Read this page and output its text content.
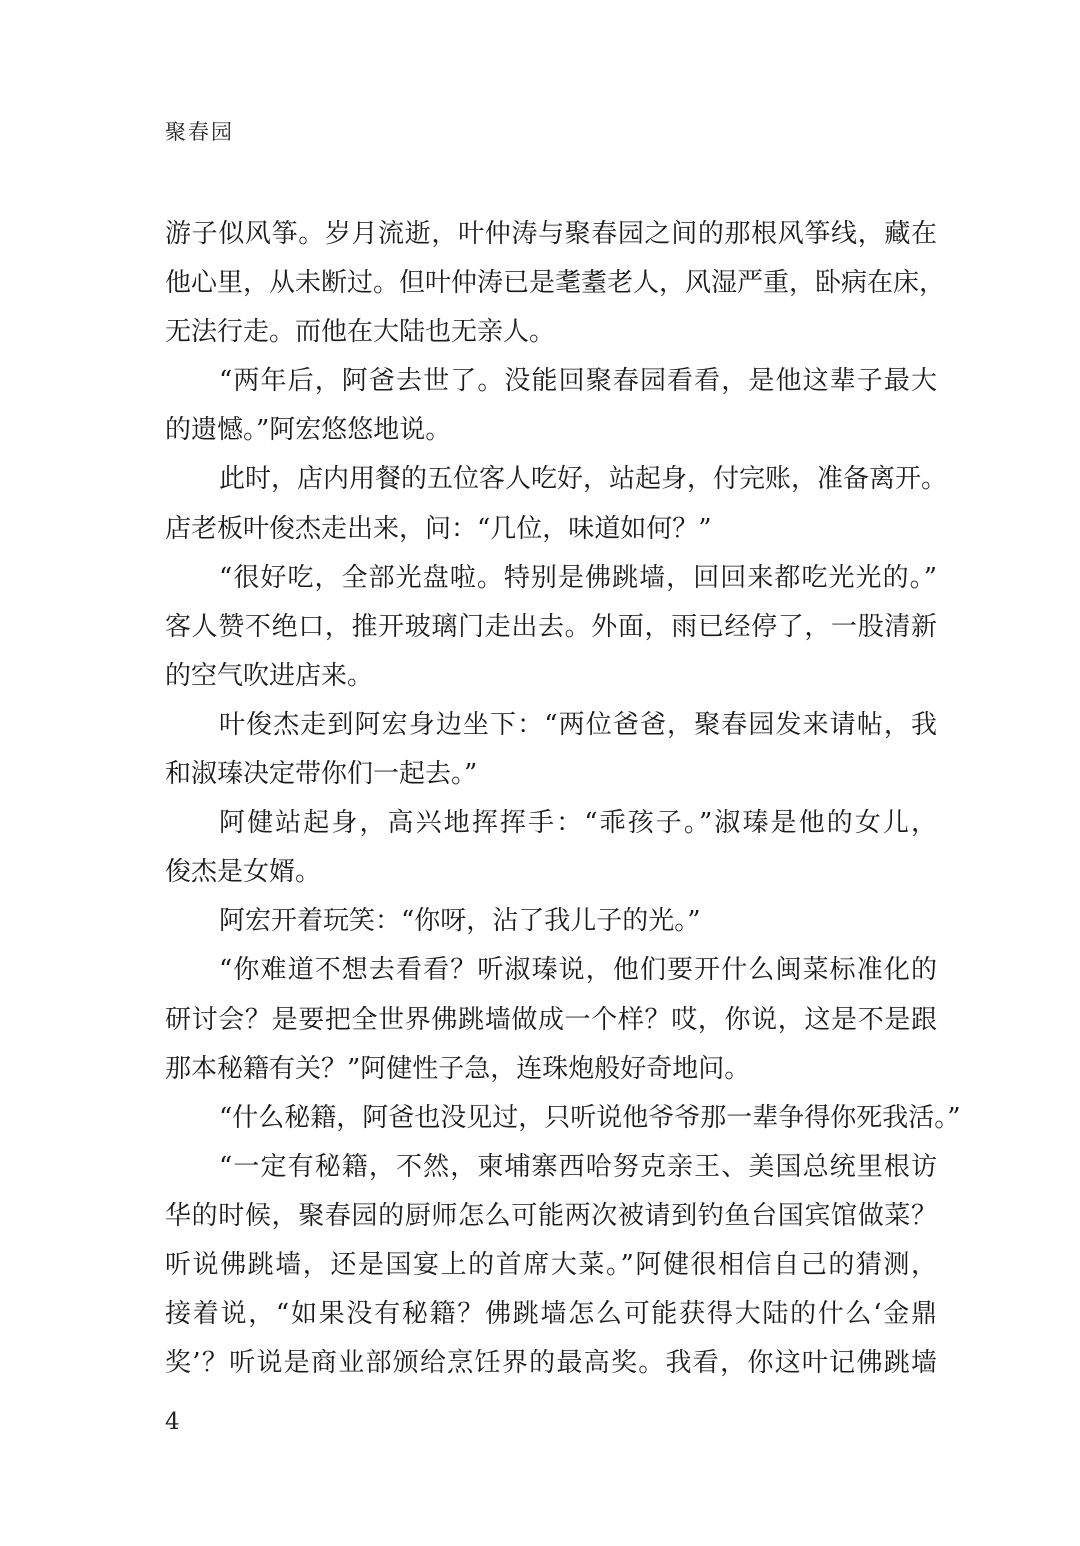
聚春园
游子似风筝。岁月流逝，叶仲涛与聚春园之间的那根风筝线，藏在
他心里，从未断过。但叶仲涛已是耄耋老人，风湿严重，卧病在床，
无法行走。而他在大陆也无亲人。
“两年后，阿爸去世了。没能回聚春园看看，是他这辈子最大
的遗憾。”阿宏悠悠地说。
此时，店内用餐的五位客人吃好，站起身，付完账，准备离开。
店老板叶俊杰走出来，问：“几位，味道如何？”
“很好吃，全部光盘啦。特别是佛跳墙，回回来都吃光光的。”
客人赞不绝口，推开玻璃门走出去。外面，雨已经停了，一股清新
的空气吹进店来。
叶俊杰走到阿宏身边坐下：“两位爸爸，聚春园发来请帖，我
和淑瑧决定带你们一起去。”
阿健站起身，高兴地挥挥手：“乖孩子。”淑瑧是他的女儿，
俊杰是女婿。
阿宏开着玩笑：“你呀，沾了我儿子的光。”
“你难道不想去看看？听淑瑧说，他们要开什么闽菜标准化的
研讨会？是要把全世界佛跳墙做成一个样？哎，你说，这是不是跟
那本秘籍有关？”阿健性子急，连珠炮般好奇地问。
“什么秘籍，阿爸也没见过，只听说他爷爷那一辈争得你死我活。”
“一定有秘籍，不然，柬埔寨西哈努克亲王、美国总统里根访
华的时候，聚春园的厨师怎么可能两次被请到钓鱼台国宾馆做菜？
听说佛跳墙，还是国宴上的首席大菜。”阿健很相信自己的猜测，
接着说，“如果没有秘籍？佛跳墙怎么可能获得大陆的什么‘金鼎
奖’？听说是商业部颁给烹饪界的最高奖。我看，你这叶记佛跳墙
4
